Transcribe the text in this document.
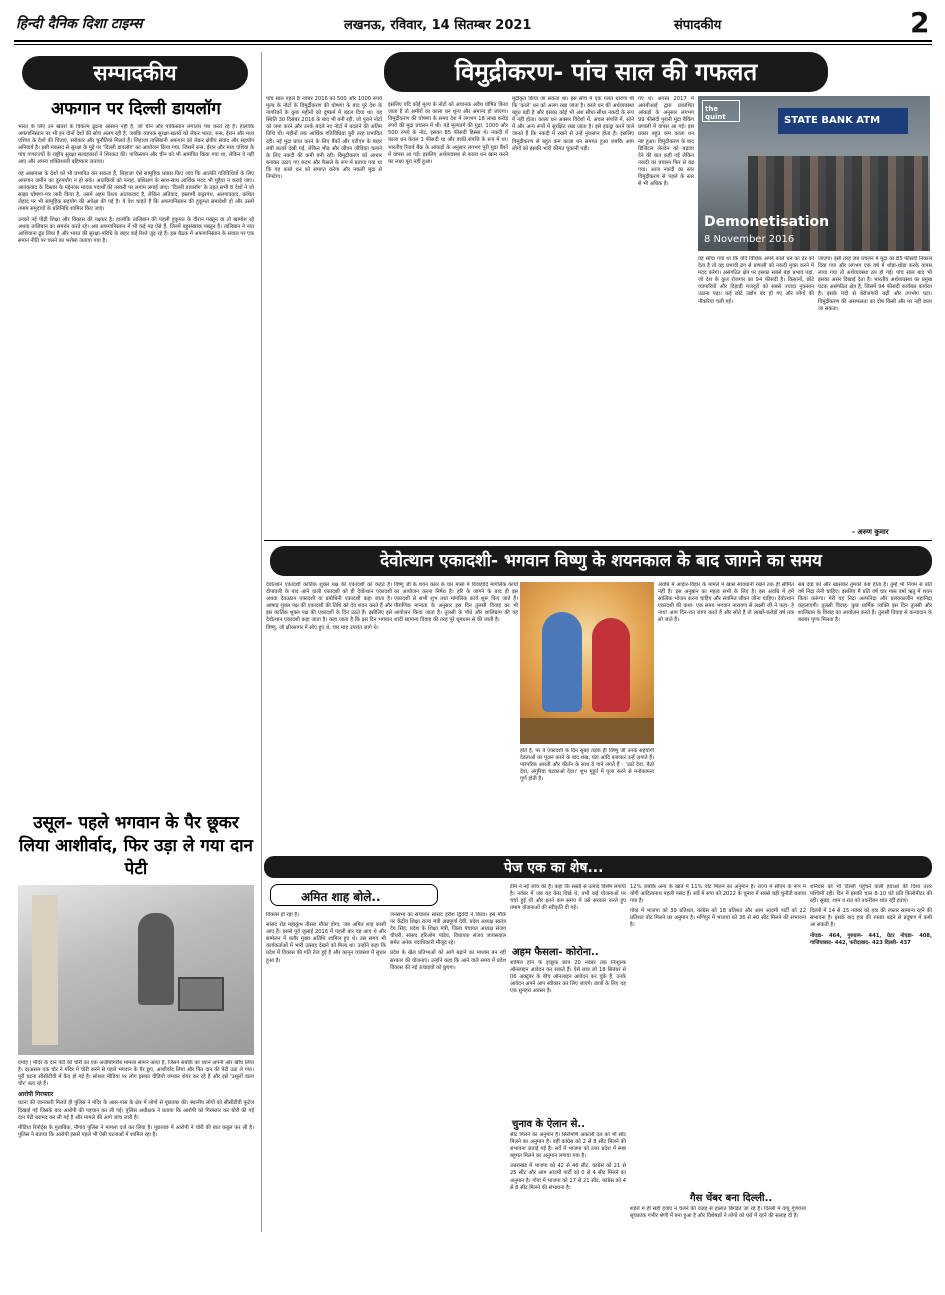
हिन्दी दैनिक दिशा टाइम्स	लखनऊ, रविवार, 14 सितम्बर 2021	संपादकीय	2
सम्पादकीय
अफगान पर दिल्ली डायलॉग

भारत के लिए उन खतरों के विकल्प ढूंढना आसान नहीं हैं, जो चीन और पाकिस्तान लगातार पेश करते रहे हैं। हालांकि अफगानिस्तान पर भी इन दोनों देशों की सोच अलग रही है, जबकि व्यापक सुरक्षा-खतरों को लेकर भारत, रूस, ईरान और मध्य एशिया के देशों की चिंताएं, सरोकार और चुनौतियां मिलते हैं। लिहाजा तालिबानी अफगान को लेकर क्षेत्रीय संवाद और सहयोग अनिवार्य है। इसी मकसद से सुरक्षा के मुद्दे पर 'दिल्ली डायलॉग' का आयोजन किया गया, जिसमें रूस, ईरान और मध्य एशिया के पांच गणराज्यों के राष्ट्रीय सुरक्षा सलाहकारों ने शिरकत की। पाकिस्तान और चीन को भी आमंत्रित किया गया था, लेकिन वे नहीं आए और अपना शक्तिशाली बहिष्कार जताया।

यह आसपास के देशों को भी प्रभावित कर सकता है, लिहाजा ऐसे सामूहिक प्रयास किए जाएं कि आतंकी गतिविधियों के लिए अफगान जमीन का दुरुपयोग न हो सके। आतंकियों को पनाह, प्रशिक्षण के साथ-साथ आर्थिक मदद भी मुहैया न कराई जाए। आतंकवाद के विस्तार के मद्देनजर मादक पदार्थों की तस्करी पर लगाम लगाई जाए। 'दिल्ली डायलॉग' के तहत सभी 8 देशों ने जो साझा घोषणा-पत्र जारी किया है, उसमें अहम रिश्ता आतंकवाद है, लेकिन अतिवाद, इस्लामी कट्टरपंथ, अलगाववाद, कथित जेहाद पर भी सामूहिक सहयोग की अपेक्षा की गई है। ये देश चाहते हैं कि अफगानिस्तान की हुकूमत समावेशी हो और उसमें तमाम समुदायों के प्रतिनिधि शामिल किए जाएं।

उनको नई पीढ़ी शिक्षा और विकास की पक्षधर है। हालांकि तालिबान की पहली हुकूमत के दौरान पख्तून या तो खामोश रहे अथवा तालिबान का समर्थन करते रहे। अब अफगानिस्तान में भी कई गढ़ ऐसे हैं, जिनमें बहुसंख्यक पख्तून हैं। तालिबान ने नया आशियाना ढूंढ लिया है और भारत की सुरक्षा-परिधि के बाहर कई रिश्ते जुड़ रहे हैं। इस बैठक में अफगानिस्तान के सवाल पर एक समान नीति पर चलने का भरोसा जताया गया है।

उसूल- पहले भगवान के पैर छूकर लिया आशीर्वाद, फिर उड़ा ले गया दान पेटी

दमोह | मंदिर के दान पेटी की चोरी का एक अजीबोगरीब मामला सामने आया है, जिसने सबकि का ध्यान अपनी ओर खींच लिया है। दरअसल एक चोर ने मंदिर में चोरी करने से पहले भगवान के पैर छुए, आशीर्वाद लिया और फिर दान की पेटी उठा ले गया। पूरी घटना सीसीटीवी में कैद हो गई है। सोशल मीडिया पर लोग इसका वीडियो जमकर शेयर कर रहे हैं और इसे 'उसूलों वाला चोर' बता रहे हैं।

आरोपी गिरफ्तार

घटना की जानकारी मिलते ही पुलिस ने मंदिर के आस-पास के क्षेत्र में लोगों से पूछताछ की। स्थानीय लोगों को सीसीटीवी फुटेज दिखाई गई जिसके बाद आरोपी की पहचान कर ली गई। पुलिस अधीक्षक ने बताया कि आरोपी को गिरफ्तार कर चोरी की गई दान पेटी बरामद कर ली गई है और मामले की आगे जांच जारी है।

मीडिया रिपोर्ट्स के मुताबिक, नौगांव पुलिस ने मामला दर्ज कर लिया है। पूछताछ में आरोपी ने चोरी की बात कबूल कर ली है। पुलिस ने बताया कि आरोपी इससे पहले भी ऐसी घटनाओं में शामिल रहा है।

विमुद्रीकरण- पांच साल की गफलत

पांच साल पहले 8 नवंबर 2016 को 500 और 1000 रुपये मूल्य के नोटों के विमुद्रीकरण की घोषणा के बाद पूरे देश के नागरिकों के कुछ महीनों को दुष्कर्म में बदल दिया था। यह स्थिति 30 दिसंबर 2016 के बाद भी बनी रही, जो पुराने नोटों को जमा करने और उनके बदले नए नोटों में बदलने की अंतिम तिथि थी। महीनों तक आर्थिक गतिविधियां बुरी तरह प्रभावित रहीं। नई मुद्रा प्राप्त करने के लिए बैंकों और एटीएम के बाहर लंबी कतारें देखी गईं, लेकिन भीड़ और जीवन जीविका चलाने के लिए नकदी की कमी बनी रही। विमुद्रीकरण को आधार बनाकर उठाए गए कदम और फैसले के रूप में बताया गया था कि यह काले धन को समाप्त करेगा और नकली मुद्रा से निपटेगा।

इसलिए यदि कोई मूल्य के नोटों को अचानक अवैध घोषित किया जाता है तो अमीरों का काला धन शून्य और अमान्य हो जाएगा। विमुद्रीकरण की घोषणा के समय देश में लगभग 18 लाख करोड़ रुपये की मुद्रा प्रचलन में थी। बड़े मूल्यवर्ग की मुद्रा, 1000 और 500 रुपये के नोट, इसका 85 फीसदी हिस्सा थे। नकदी में काला धन केवल 1 फीसदी था और बाकी संपत्ति के रूप में था। भारतीय रिजर्व बैंक के आंकड़ों के अनुसार लगभग पूरी मुद्रा बैंकों में वापस आ गई। इसलिए अर्थव्यवस्था से काला धन खत्म करने का लक्ष्य पूरा नहीं हुआ।

मुद्रीकृत किया जा सकता था। इस सोच में एक गलत धारणा थी कि 'काले' धन को अलग रखा जाता है। काले धन की अर्थव्यवस्था बहुत बड़ी है और इसका कोई भी अंश सीधा-सीधा नकदी के रूप में नहीं होता। काला धन अक्सर विदेशों में, अचल संपत्ति में, सोने में और अन्य रूपों में सुरक्षित रखा जाता है। इसे इकट्ठा करने वाले जानते हैं कि नकदी में रखने से उन्हें नुकसान होता है। इसलिए विमुद्रीकरण से बहुत कम काला धन समाप्त हुआ जबकि आम लोगों को इसकी भारी कीमत चुकानी पड़ी।

गए थे। अगस्त 2017 में आरबीआई द्वारा प्रकाशित आंकड़ों के अनुसार लगभग 99 फीसदी पुरानी मुद्रा बैंकिंग प्रणाली में वापस आ गई। इस प्रकार बहुत कम काला धन नष्ट हुआ। विमुद्रीकरण के बाद डिजिटल लेनदेन को बढ़ावा देने की बात कही गई लेकिन नकदी का प्रचलन फिर से बढ़ गया। आज नकदी का स्तर विमुद्रीकरण से पहले के स्तर से भी अधिक है।

STATE BANK ATM
the quint
Demonetisation
8 November 2016

वह सोचा गया था कि यदि विधिक अपने काले धन का ढेर को देता है तो वह प्रभावी ढंग से प्रणाली को नकदी मुक्त करने में मदद करेगा। असंगठित क्षेत्र पर इसका सबसे बड़ा प्रभाव पड़ा, जो देश के कुल रोजगार का 94 फीसदी है। किसानों, छोटे व्यापारियों और दिहाड़ी मजदूरों को सबसे ज्यादा नुकसान उठाना पड़ा। कई छोटे उद्योग बंद हो गए और लोगों की नौकरियां चली गईं।

जाएगा। इसी तरह जब प्रचलन में मुद्रा का 85 फीसदी निकाल दिया गया और लगभग एक वर्ष में थोड़ा-थोड़ा करके वापस लाया गया तो अर्थव्यवस्था ठप हो गई। पांच साल बाद भी इसका असर दिखाई देता है। भारतीय अर्थव्यवस्था का प्रमुख घटक असंगठित क्षेत्र है, जिसमें 94 फीसदी कार्यबल कार्यरत है। इसके मंदी से बेरोजगारी बढ़ी और उपभोग घटा। विमुद्रीकरण की असफलता का दोष किसी और पर नहीं डाला जा सकता।

- अरुण कुमार
देवोत्थान एकादशी- भगवान विष्णु के शयनकाल के बाद जागने का समय

देवोत्थान एकादशी कार्तिक शुक्ल पक्ष की एकादशी को कहते हैं। दीपावली के बाद आने वाली एकादशी को ही देवोत्थान एकादशी अथवा देवउठान एकादशी या प्रबोधिनी एकादशी कहा जाता है। आषाढ़ शुक्ल पक्ष की एकादशी की तिथि को देव शयन करते हैं और इस कार्तिक शुक्ल पक्ष की एकादशी के दिन उठते हैं। इसीलिए इसे देवोत्थान एकादशी कहा जाता है। कहा जाता है कि इस दिन भगवान विष्णु, जो क्षीरसागर में सोए हुए थे, चार माह उपरांत जागे थे।

विष्णु जी के शयन काल के चार मासों में विवाहादि मांगलिक कार्यों का आयोजन करना निषेध है। हरि के जागने के बाद ही इस एकादशी से सभी शुभ तथा मांगलिक कार्य शुरू किए जाते हैं। पौराणिक मान्यता के अनुसार इस दिन तुलसी विवाह का भी आयोजन किया जाता है। तुलसी के पौधे और शालिग्राम की यह शादी सामान्य विवाह की तरह पूरे धूमधाम से की जाती है।

होते हैं, पर वे एकादशी के दिन सुबह तड़के ही विष्णु जी उनके सहयोगी देवताओं का पूजन करने के बाद शंख, घंटा आदि बजाकर उन्हें जगाते हैं। पारंपरिक आरती और कीर्तन के साथ ये गाने लगते हैं - 'उठो देवा, बैठो देवा, अंगुरिया चटकाओ देवा।' शुभ मुहूर्त में पूजा करने से मनोकामना पूर्ण होती है।

अवधि में आहार-विहार के मामले में खास सावधानी रखने तक ही सीमित नहीं है। इस अनुष्ठान का महत्व सभी के लिए है। इस अवधि में हमें सात्विक भोजन करना चाहिए और संयमित जीवन जीना चाहिए। देवोत्थान एकादशी की कथा- एक समय भगवान नारायण से लक्ष्मी जी ने कहा- हे नाथ! आप दिन-रात जागा करते हैं और सोते हैं तो लाखों-करोड़ों वर्ष तक सो जाते हैं।

सब देवों को और खासकर तुमको कष्ट होता है। तुम्हें भी नियम से प्रति वर्ष निद्रा लेनी चाहिए। इसलिए मैं प्रति वर्ष चार मास वर्षा ऋतु में शयन किया करूंगा। मेरी यह निद्रा अल्पनिद्रा और प्रलयकालीन महानिद्रा कहलाएगी। तुलसी विवाह- कुछ धार्मिक व्यक्ति इस दिन तुलसी और शालिग्राम के विवाह का आयोजन करते हैं। तुलसी विवाह से कन्यादान के बराबर पुण्य मिलता है।

पेज एक का शेष...
अमित शाह बोले..

विकास हो रहा है।

सांसद रोड महाकुंभ तीसरा मौका होगा, जब अमित शाह काशी आए हैं। इससे पूर्व जुलाई 2016 में पहली बार वह आए थे और सम्मेलन में बतौर मुख्य अतिथि शामिल हुए थे। उस समय भी कार्यकर्ताओं में भारी उत्साह देखने को मिला था। उन्होंने कहा कि प्रदेश में विकास की गति तेज हुई है और कानून व्यवस्था में सुधार हुआ है।

जनसभा का संचालन सांसद हरीश द्विवेदी ने किया। इस मौके पर केंद्रीय शिक्षा राज्य मंत्री अन्नपूर्णा देवी, प्रदेश अध्यक्ष स्वतंत्र देव सिंह, प्रदेश के शिक्षा मंत्री, जिला पंचायत अध्यक्ष संजय चौधरी, सांसद हरिओम पांडेय, विधायक संजय जायसवाल समेत अनेक पदाधिकारी मौजूद रहे।

प्रदेश के खेल प्रतिभाओं को आगे बढ़ाने का माध्यम बन रही सरकार की योजनाएं। उन्होंने कहा कि आने वाले समय में प्रदेश विकास की नई ऊंचाइयों को छुएगा।

टीम ने नई जांच की है। कहा कि सस्ती से उत्पाद विशेष लगाया है। नवंबर में जब यह केस दिखे थे, तभी कई योजनाओं पर चर्चा हुई थी और इतने कम समय में उसे सरकार करते हुए तमाम योजनाओं की स्वीकृति दी गई।

अहम फैसला- कोरोना..

शामिल होने के इच्छुक छात्र 20 नवंबर तक निःशुल्क ऑनलाइन आवेदन कर सकते हैं। ऐसे छात्र जो 18 सितंबर से 06 अक्टूबर के बीच ऑनलाइन आवेदन कर चुके हैं, उनके आवेदन अपने आप स्वीकार कर लिए जाएंगे। छात्रों के लिए यह एक सुनहरा अवसर है।

चुनाव के ऐलान से..

सीट मिलने का अनुमान है। सिरोमणि अकाली दल को भी सीट मिलने का अनुमान है। वहीं कांग्रेस को 2 से 8 सीट मिलने की संभावना जताई गई है। सर्वे में भाजपा को उत्तर प्रदेश में स्पष्ट बहुमत मिलने का अनुमान लगाया गया है।

उत्तराखंड में भाजपा को 42 से 46 सीट, कांग्रेस को 21 से 25 सीट और आम आदमी पार्टी को 0 से 4 सीट मिलने का अनुमान है। गोवा में भाजपा को 17 से 21 सीट, कांग्रेस को 4 से 8 सीट मिलने की संभावना है।

12% जबकि अन्य के खाते में 11% वोट मिलने का अनुमान है। राज्य में सीएम के रूप में योगी आदित्यनाथ पहली पसंद हैं। सर्वे में सपा को 2022 के चुनाव में सबसे बड़ी चुनौती बताया गया है।

गोवा में भाजपा को 39 प्रतिशत, कांग्रेस को 18 प्रतिशत और आम आदमी पार्टी को 22 प्रतिशत वोट मिलने का अनुमान है। मणिपुर में भाजपा को 36 से 40 सीट मिलने की संभावना है।

गैस चेंबर बना दिल्ली..

शहरों में ही सही हवाएं न चलने की वजह से हालात बिगड़ते जा रहे हैं। दिल्ली में वायु गुणवत्ता सूचकांक गंभीर श्रेणी में बना हुआ है और विशेषज्ञों ने लोगों को घरों में रहने की सलाह दी है।

शनिवार को भी दिल्ली पहुंचने वाली हवाओं की दिशा उत्तर पश्चिमी रही। दिन में इसकी चाल 8-10 घंटे प्रति किलोमीटर की रही। सुबह, शाम व रात को तकरीबन शांत रहीं हवाएं।

दिल्ली में 14 से 15 नवंबर को हवा की रफ्तार सामान्य रहने की संभावना है। इसके बाद हवा की रफ्तार बढ़ने से प्रदूषण में कमी आ सकती है।

नोएडा- 464, गुरुग्राम- 441, ग्रेटर नोएडा- 408, गाजियाबाद- 442, फरीदाबाद- 423 दिल्ली- 437
